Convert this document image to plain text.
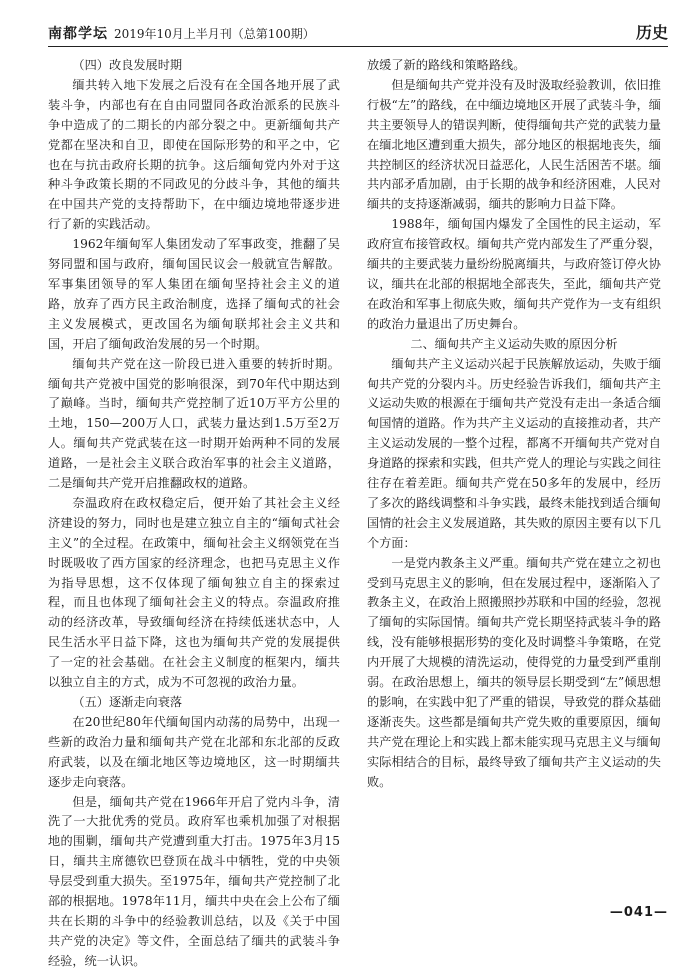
南都学坛 2019年10月上半月刊（总第100期）	历史
（四）改良发展时期

缅共转入地下发展之后没有在全国各地开展了武装斗争，内部也有在自由同盟同各政治派系的民族斗争中造成了的二期长的内部分裂之中。更新缅甸共产党都在坚决和自卫，即使在国际形势的和平之中，它也在与抗击政府长期的抗争。这后缅甸党内外对于这种斗争政策长期的不同政见的分歧斗争，其他的缅共在中国共产党的支持帮助下，在中缅边境地带逐步进行了新的实践活动。

1962年缅甸军人集团发动了军事政变，推翻了吴努同盟和国与政府，缅甸国民议会一般就宣告解散。军事集团领导的军人集团在缅甸坚持社会主义的道路，放弃了西方民主政治制度，选择了缅甸式的社会主义发展模式，更改国名为缅甸联邦社会主义共和国，开启了缅甸政治发展的另一个时期。

缅甸共产党在这一阶段已进入重要的转折时期。缅甸共产党被中国党的影响很深，到70年代中期达到了巅峰。当时，缅甸共产党控制了近10万平方公里的土地，150—200万人口，武装力量达到1.5万至2万人。缅甸共产党武装在这一时期开始两种不同的发展道路，一是社会主义联合政治军事的社会主义道路，二是缅甸共产党开启推翻政权的道路。

奈温政府在政权稳定后，便开始了其社会主义经济建设的努力，同时也是建立独立自主的“缅甸式社会主义”的全过程。在政策中，缅甸社会主义纲领党在当时既吸收了西方国家的经济理念，也把马克思主义作为指导思想，这不仅体现了缅甸独立自主的探索过程，而且也体现了缅甸社会主义的特点。奈温政府推动的经济改革，导致缅甸经济在持续低迷状态中，人民生活水平日益下降，这也为缅甸共产党的发展提供了一定的社会基础。在社会主义制度的框架内，缅共以独立自主的方式，成为不可忽视的政治力量。

（五）逐渐走向衰落

在20世纪80年代缅甸国内动荡的局势中，出现一些新的政治力量和缅甸共产党在北部和东北部的反政府武装，以及在缅北地区等边境地区，这一时期缅共逐步走向衰落。

但是，缅甸共产党在1966年开启了党内斗争，清洗了一大批优秀的党员。政府军也乘机加强了对根据地的围剿，缅甸共产党遭到重大打击。1975年3月15日，缅共主席德钦巴登顶在战斗中牺牲，党的中央领导层受到重大损失。至1975年，缅甸共产党控制了北部的根据地。1978年11月，缅共中央在会上公布了缅共在长期的斗争中的经验教训总结，以及《关于中国共产党的决定》等文件，全面总结了缅共的武装斗争经验，统一认识。

放缓了新的路线和策略路线。

但是缅甸共产党并没有及时汲取经验教训，依旧推行极“左”的路线，在中缅边境地区开展了武装斗争，缅共主要领导人的错误判断，使得缅甸共产党的武装力量在缅北地区遭到重大损失，部分地区的根据地丧失，缅共控制区的经济状况日益恶化，人民生活困苦不堪。缅共内部矛盾加剧，由于长期的战争和经济困难，人民对缅共的支持逐渐减弱，缅共的影响力日益下降。

1988年，缅甸国内爆发了全国性的民主运动，军政府宣布接管政权。缅甸共产党内部发生了严重分裂，缅共的主要武装力量纷纷脱离缅共，与政府签订停火协议，缅共在北部的根据地全部丧失，至此，缅甸共产党在政治和军事上彻底失败，缅甸共产党作为一支有组织的政治力量退出了历史舞台。

二、缅甸共产主义运动失败的原因分析

缅甸共产主义运动兴起于民族解放运动，失败于缅甸共产党的分裂内斗。历史经验告诉我们，缅甸共产主义运动失败的根源在于缅甸共产党没有走出一条适合缅甸国情的道路。作为共产主义运动的直接推动者，共产主义运动发展的一整个过程，都离不开缅甸共产党对自身道路的探索和实践，但共产党人的理论与实践之间往往存在着差距。缅甸共产党在50多年的发展中，经历了多次的路线调整和斗争实践，最终未能找到适合缅甸国情的社会主义发展道路，其失败的原因主要有以下几个方面：

一是党内教条主义严重。缅甸共产党在建立之初也受到马克思主义的影响，但在发展过程中，逐渐陷入了教条主义，在政治上照搬照抄苏联和中国的经验，忽视了缅甸的实际国情。缅甸共产党长期坚持武装斗争的路线，没有能够根据形势的变化及时调整斗争策略，在党内开展了大规模的清洗运动，使得党的力量受到严重削弱。在政治思想上，缅共的领导层长期受到“左”倾思想的影响，在实践中犯了严重的错误，导致党的群众基础逐渐丧失。这些都是缅甸共产党失败的重要原因，缅甸共产党在理论上和实践上都未能实现马克思主义与缅甸实际相结合的目标，最终导致了缅甸共产主义运动的失败。

—041—
